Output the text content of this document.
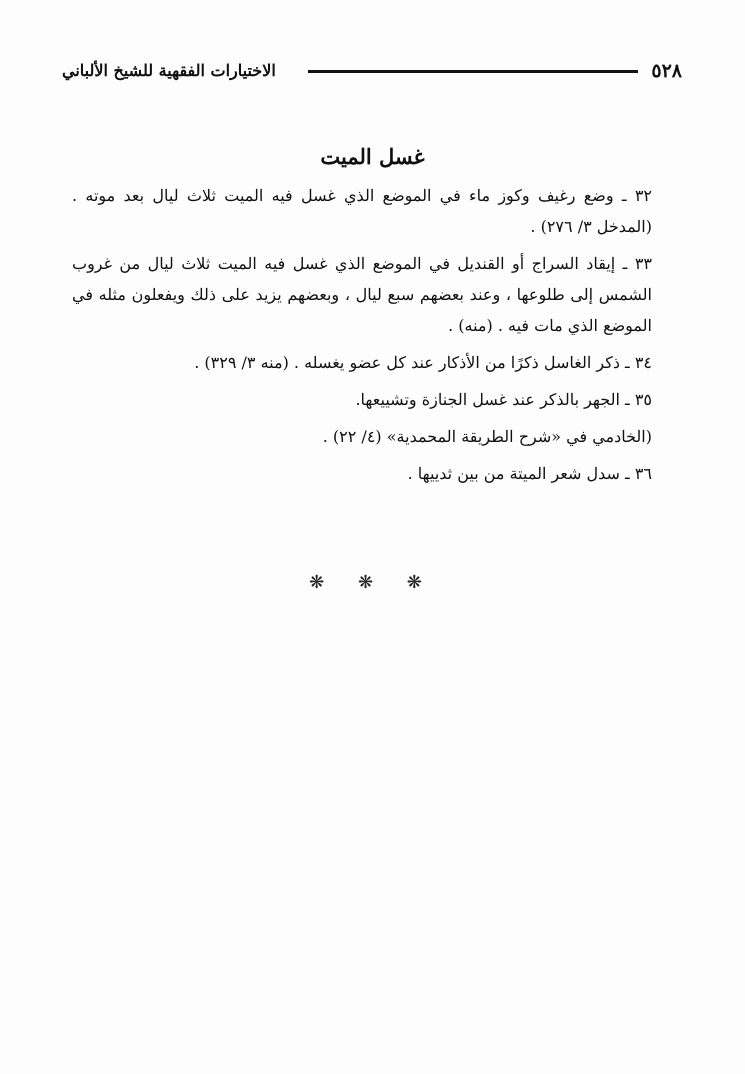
٥٢٨
الاختيارات الفقهية للشيخ الألباني
غسل الميت

٣٢ ـ وضع رغيف وكوز ماء في الموضع الذي غسل فيه الميت ثلاث ليال بعد موته . (المدخل ٣/ ٢٧٦) .

٣٣ ـ إيقاد السراج أو القنديل في الموضع الذي غسل فيه الميت ثلاث ليال من غروب الشمس إلى طلوعها ، وعند بعضهم سبع ليال ، وبعضهم يزيد على ذلك ويفعلون مثله في الموضع الذي مات فيه . (منه) .

٣٤ ـ ذكر الغاسل ذكرًا من الأذكار عند كل عضو يغسله . (منه ٣/ ٣٢٩) .

٣٥ ـ الجهر بالذكر عند غسل الجنازة وتشييعها.

(الخادمي في «شرح الطريقة المحمدية» (٤/ ٢٢) .

٣٦ ـ سدل شعر الميتة من بين ثدييها .

❋ ❋ ❋
